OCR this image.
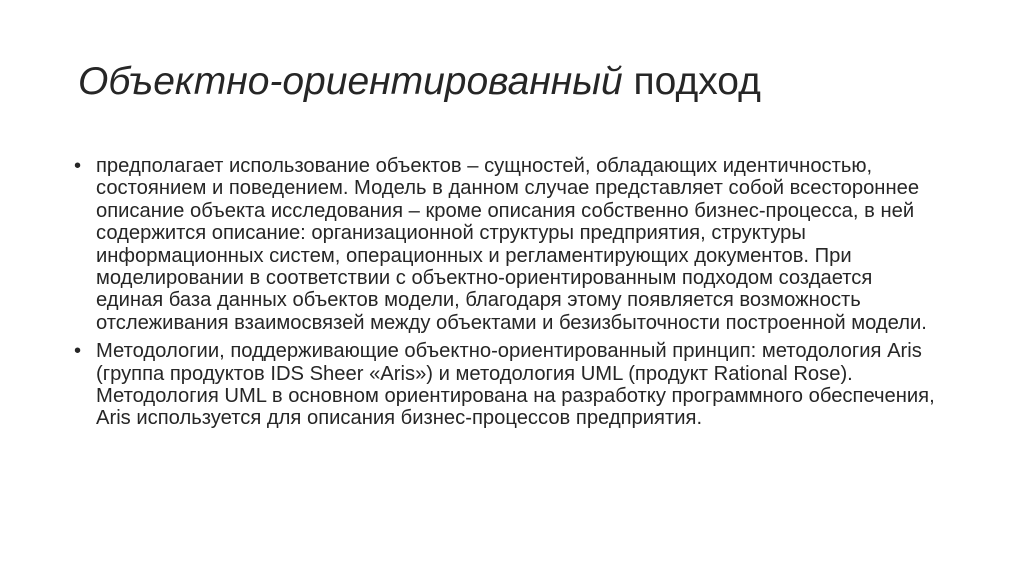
Объектно-ориентированный подход
• предполагает использование объектов – сущностей, обладающих идентичностью, состоянием и поведением. Модель в данном случае представляет собой всестороннее описание объекта исследования – кроме описания собственно бизнес-процесса, в ней содержится описание: организационной структуры предприятия, структуры информационных систем, операционных и регламентирующих документов. При моделировании в соответствии с объектно-ориентированным подходом создается единая база данных объектов модели, благодаря этому появляется возможность отслеживания взаимосвязей между объектами и безизбыточности построенной модели.
• Методологии, поддерживающие объектно-ориентированный принцип: методология Aris (группа продуктов IDS Sheer «Aris») и методология UML (продукт Rational Rose). Методология UML в основном ориентирована на разработку программного обеспечения, Aris используется для описания бизнес-процессов предприятия.
